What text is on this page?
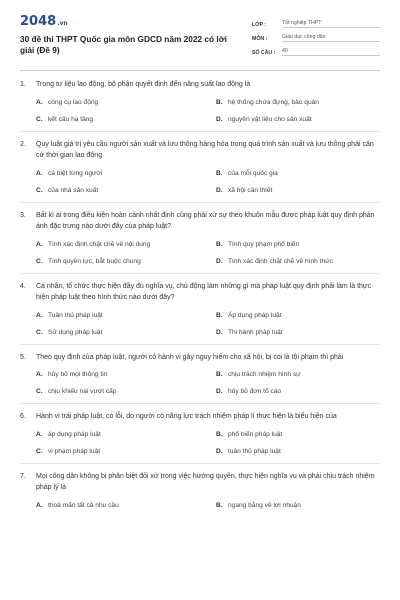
2048.vn
30 đề thi THPT Quốc gia môn GDCD năm 2022 có lời giải (Đề 9)
LỚP :	Tốt nghiệp THPT
MÔN :	Giáo dục công dân
SỐ CÂU :	40
1.	Trong tư liệu lao động, bộ phận quyết định đến năng suất lao động là
A. công cụ lao động	B. hệ thống chứa đựng, bảo quản
C. kết cấu hạ tầng	D. nguyên vật liệu cho sản xuất
2.	Quy luật giá trị yêu cầu người sản xuất và lưu thông hàng hóa trong quá trình sản xuất và lưu thông phải căn cứ thời gian lao động
A. cá biệt từng người	B. của mỗi quốc gia
C. của nhà sản xuất	D. xã hội cần thiết
3.	Bất kì ai trong điều kiện hoàn cảnh nhất định cũng phải xử sự theo khuôn mẫu được pháp luật quy định phản ánh đặc trưng nào dưới đây của pháp luật?
A. Tính xác định chặt chẽ về nội dung	B. Tính quy phạm phổ biến
C. Tính quyền lực, bắt buộc chung	D. Tính xác định chặt chẽ về hình thức
4.	Cá nhân, tổ chức thực hiện đầy đủ nghĩa vụ, chủ động làm những gì mà pháp luật quy định phải làm là thực hiện pháp luật theo hình thức nào dưới đây?
A. Tuân thủ pháp luật	B. Áp dụng pháp luật
C. Sử dụng pháp luật	D. Thi hành pháp luật
5.	Theo quy định của pháp luật, người có hành vi gây nguy hiểm cho xã hội, bị coi là tội phạm thì phải
A. hủy bỏ mọi thông tin	B. chịu trách nhiệm hình sự
C. chịu khiếu nại vượt cấp	D. hủy bỏ đơn tố cáo
6.	Hành vi trái pháp luật, có lỗi, do người có năng lực trách nhiệm pháp lí thực hiện là biểu hiện của
A. áp dụng pháp luật	B. phổ biến pháp luật
C. vi phạm pháp luật	D. tuân thủ pháp luật
7.	Mọi công dân không bị phân biệt đối xử trong việc hưởng quyền, thực hiện nghĩa vụ và phải chịu trách nhiệm pháp lý là
A. thoả mãn tất cả nhu cầu	B. ngang bằng về lợi nhuận
